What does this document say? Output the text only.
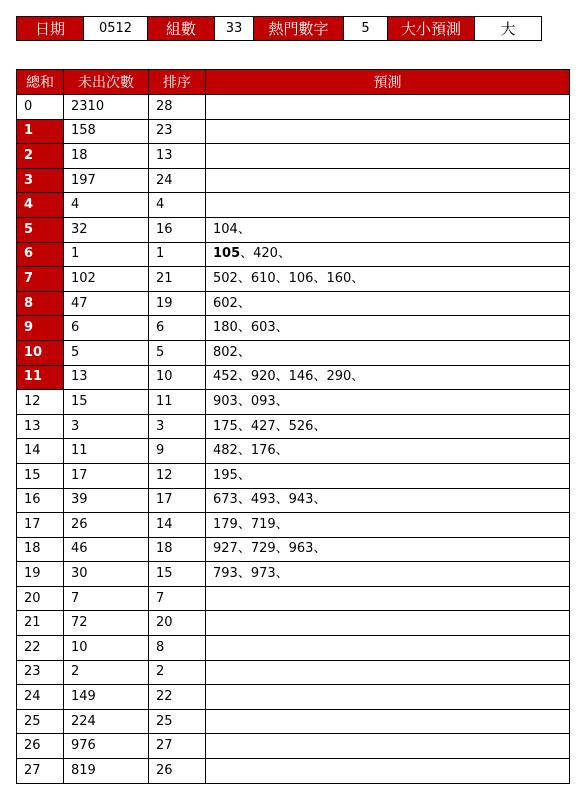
日期	0512	組數	33	熱門數字	5	大小預測	大
總和	未出次數	排序	預測
0	2310	28	
1	158	23	
2	18	13	
3	197	24	
4	4	4	
5	32	16	104、
6	1	1	105、420、
7	102	21	502、610、106、160、
8	47	19	602、
9	6	6	180、603、
10	5	5	802、
11	13	10	452、920、146、290、
12	15	11	903、093、
13	3	3	175、427、526、
14	11	9	482、176、
15	17	12	195、
16	39	17	673、493、943、
17	26	14	179、719、
18	46	18	927、729、963、
19	30	15	793、973、
20	7	7	
21	72	20	
22	10	8	
23	2	2	
24	149	22	
25	224	25	
26	976	27	
27	819	26	
